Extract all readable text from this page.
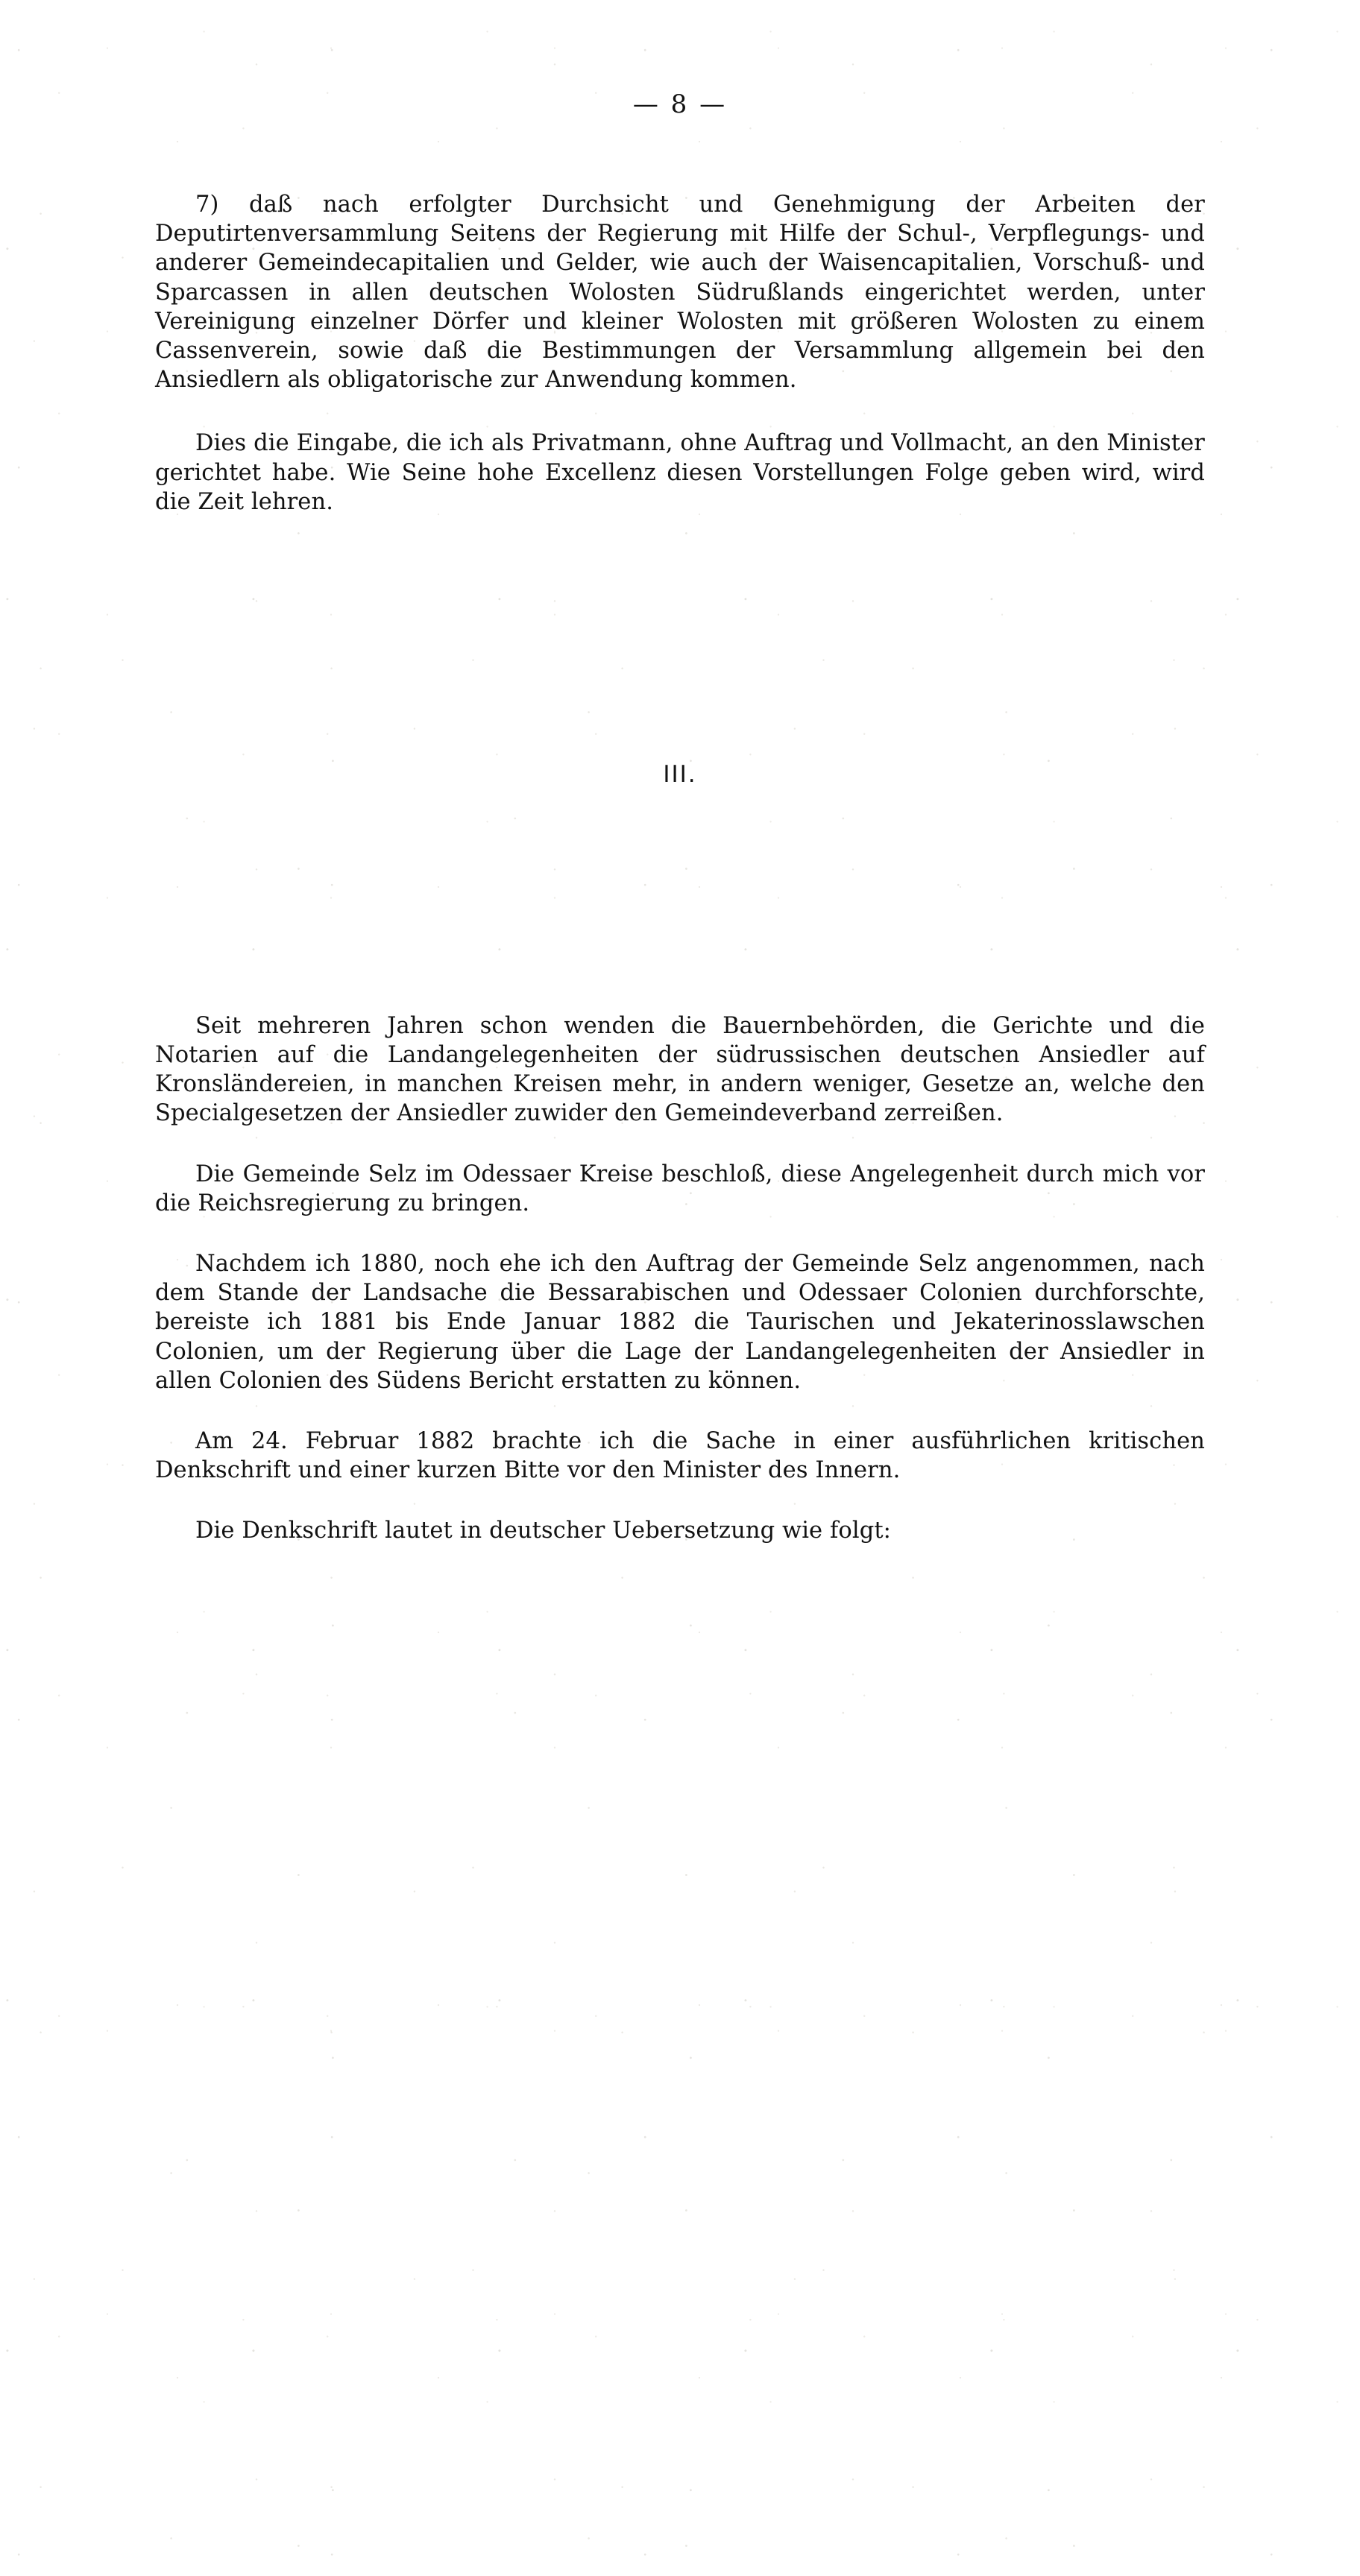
— 8 —

7) daß nach erfolgter Durchsicht und Genehmigung der Arbeiten der Deputirtenversammlung Seitens der Regierung mit Hilfe der Schul-, Verpflegungs- und anderer Gemeindecapitalien und Gelder, wie auch der Waisencapitalien, Vorschuß- und Sparcassen in allen deutschen Wolosten Südrußlands eingerichtet werden, unter Vereinigung einzelner Dörfer und kleiner Wolosten mit größeren Wolosten zu einem Cassenverein, sowie daß die Bestimmungen der Versammlung allgemein bei den Ansiedlern als obligatorische zur Anwendung kommen.

Dies die Eingabe, die ich als Privatmann, ohne Auftrag und Vollmacht, an den Minister gerichtet habe. Wie Seine hohe Excellenz diesen Vorstellungen Folge geben wird, wird die Zeit lehren.

III.

Seit mehreren Jahren schon wenden die Bauernbehörden, die Gerichte und die Notarien auf die Landangelegenheiten der südrussischen deutschen Ansiedler auf Kronsländereien, in manchen Kreisen mehr, in andern weniger, Gesetze an, welche den Specialgesetzen der Ansiedler zuwider den Gemeindeverband zerreißen.

Die Gemeinde Selz im Odessaer Kreise beschloß, diese Angelegenheit durch mich vor die Reichsregierung zu bringen.

Nachdem ich 1880, noch ehe ich den Auftrag der Gemeinde Selz angenommen, nach dem Stande der Landsache die Bessarabischen und Odessaer Colonien durchforschte, bereiste ich 1881 bis Ende Januar 1882 die Taurischen und Jekaterinosslawschen Colonien, um der Regierung über die Lage der Landangelegenheiten der Ansiedler in allen Colonien des Südens Bericht erstatten zu können.

Am 24. Februar 1882 brachte ich die Sache in einer ausführlichen kritischen Denkschrift und einer kurzen Bitte vor den Minister des Innern.

Die Denkschrift lautet in deutscher Uebersetzung wie folgt:
